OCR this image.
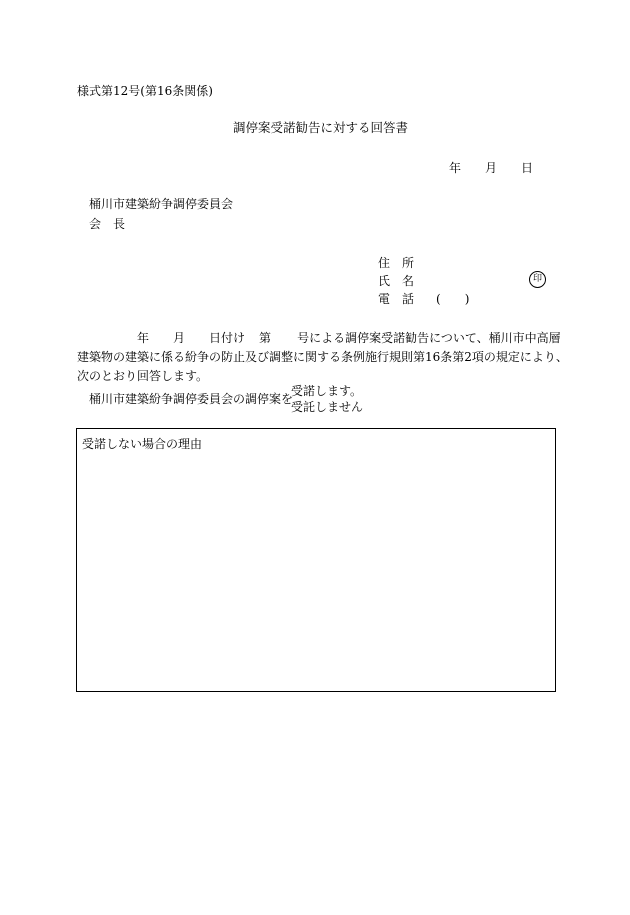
様式第12号(第16条関係)
調停案受諾勧告に対する回答書
年 月 日
桶川市建築紛争調停委員会
会 長
住　所
氏　名	印
電　話 (　　)
年 月 日付け 第 号による調停案受諾勧告について、桶川市中高層
建築物の建築に係る紛争の防止及び調整に関する条例施行規則第16条第2項の規定により、
次のとおり回答します。
桶川市建築紛争調停委員会の調停案を
受諾します。
受託しません
受諾しない場合の理由
